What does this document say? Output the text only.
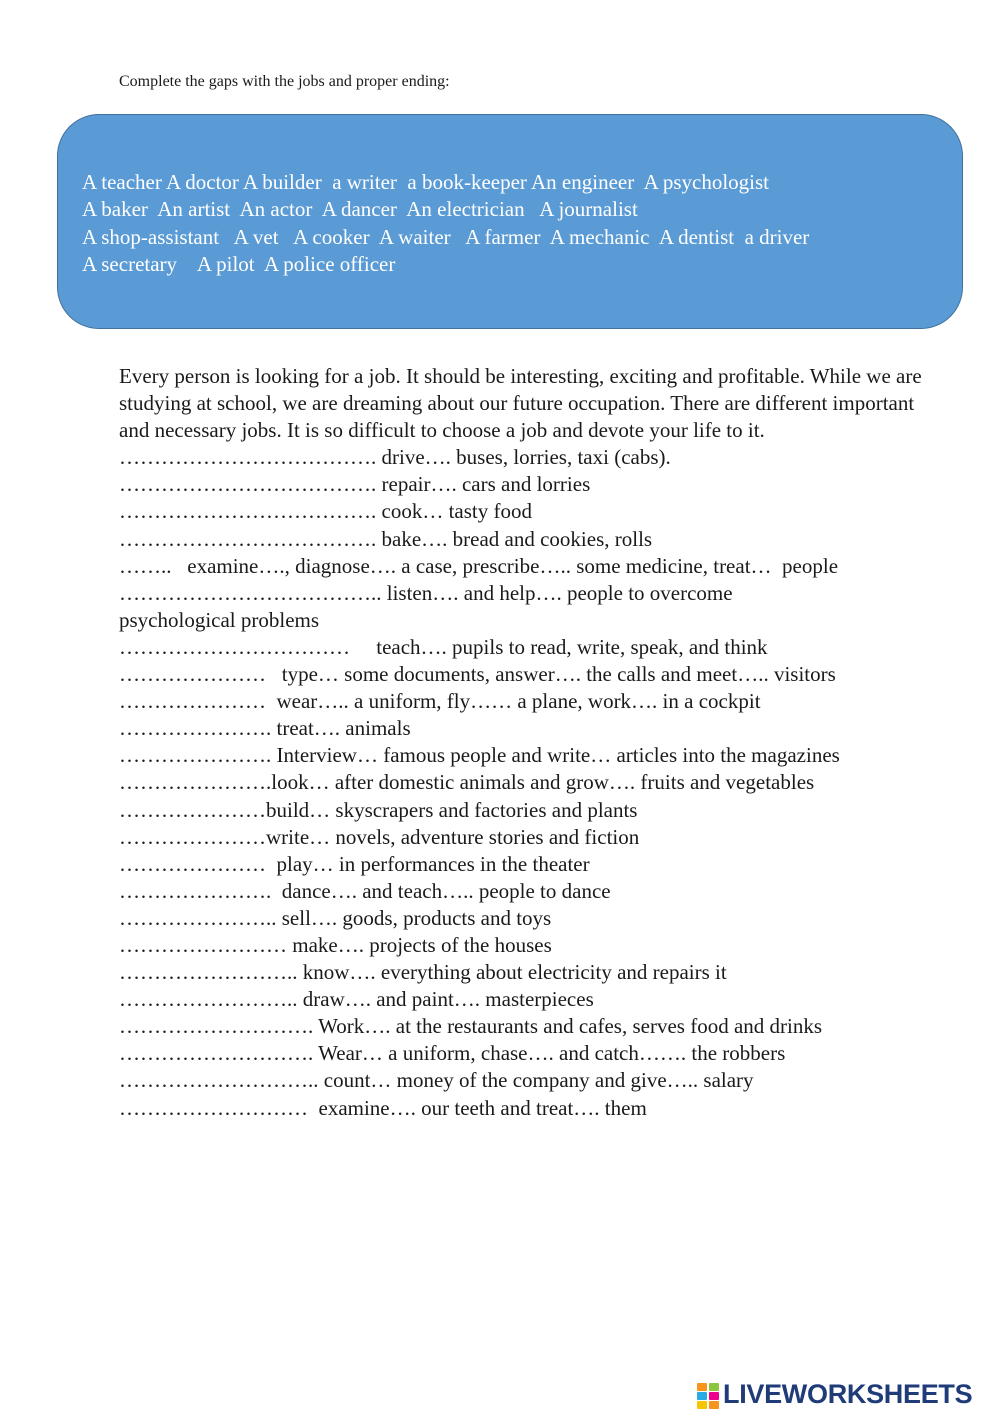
Complete the gaps with the jobs and proper ending:
A teacher A doctor A builder  a writer  a book-keeper An engineer  A psychologist
A baker  An artist  An actor  A dancer  An electrician   A journalist
A shop-assistant   A vet   A cooker  A waiter   A farmer  A mechanic  A dentist  a driver
A secretary    A pilot  A police officer
Every person is looking for a job. It should be interesting, exciting and profitable. While we are studying at school, we are dreaming about our future occupation. There are different important and necessary jobs. It is so difficult to choose a job and devote your life to it.
………………………………. drive…. buses, lorries, taxi (cabs).
………………………………. repair…. cars and lorries
………………………………. cook… tasty food
………………………………. bake…. bread and cookies, rolls
……..   examine…., diagnose…. a case, prescribe….. some medicine, treat…  people
……………………………….. listen…. and help…. people to overcome
psychological problems
……………………………     teach…. pupils to read, write, speak, and think
…………………   type… some documents, answer…. the calls and meet….. visitors
…………………  wear….. a uniform, fly…… a plane, work…. in a cockpit
…………………. treat…. animals
…………………. Interview… famous people and write… articles into the magazines
………………….look… after domestic animals and grow…. fruits and vegetables
…………………build… skyscrapers and factories and plants
…………………write… novels, adventure stories and fiction
…………………  play… in performances in the theater
………………….  dance…. and teach….. people to dance
………………….. sell…. goods, products and toys
…………………… make…. projects of the houses
…………………….. know…. everything about electricity and repairs it
…………………….. draw…. and paint…. masterpieces
………………………. Work…. at the restaurants and cafes, serves food and drinks
………………………. Wear… a uniform, chase…. and catch……. the robbers
……………………….. count… money of the company and give….. salary
………………………  examine…. our teeth and treat…. them
LIVEWORKSHEETS
